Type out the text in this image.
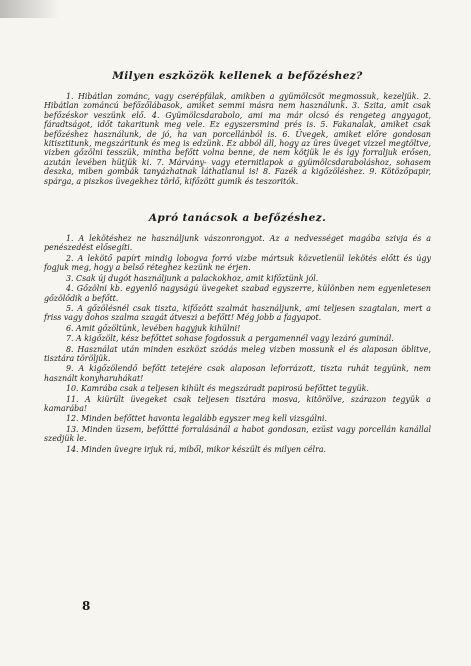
Milyen eszközök kellenek a befőzéshez?

1. Hibátlan zománc, vagy cserépfálak, amikben a gyümölcsöt megmossuk, kezeljük. 2. Hibátlan zománcú befőzőlábasok, amiket semmi másra nem használunk. 3. Szita, amit csak befőzéskor veszünk elő. 4. Gyümölcsdarabolo, ami ma már olcsó és rengeteg angyagot, fáradtságot, időt takaritunk meg vele. Ez egyszersmind prés is. 5. Fakanalak, amiket csak befőzéshez használunk, de jó, ha van porcellánból is. 6. Üvegek, amiket előre gondosan kitisztitunk, megszáritunk és meg is edzünk. Ez abból áll, hogy az üres üveget vizzel megtöltve, vizben gőzölni tesszük, mintha befőtt volna benne, de nem kötjük le és igy forraljuk erősen, azután levében hütjük ki. 7. Márvány- vagy eternitlapok a gyümölcsdaraboláshoz, sohasem deszka, miben gombák tanyázhatnak láthatlanul is! 8. Fazék a kigőzöléshez. 9. Kötözőpapir, spárga, a piszkos üvegekhez törlő, kifőzött gumik és teszoritók.

Apró tanácsok a befőzéshez.
1. A lekötéshez ne használjunk vászonrongyot. Az a nedvességet magába szivja és a penészedést elősegíti.
2. A lekötő papírt mindig lobogva forró vizbe mártsuk közvetlenül lekötés előtt és úgy fogjuk meg, hogy a belső réteghez kezünk ne érjen.
3. Csak új dugót használjunk a palackokhoz, amit kifőztünk jól.
4. Gőzölni kb. egyenlő nagyságú üvegeket szabad egyszerre, különben nem egyenletesen gőzölődik a befőtt.
5. A gőzölésnél csak tiszta, kifőzött szalmát használjunk, ami teljesen szagtalan, mert a friss vagy dohos szalma szagát átveszi a befőtt! Még jobb a fagyapot.
6. Amit gőzöltünk, levében hagyjuk kihülni!
7. A kigőzölt, kész befőttet sohase fogdossuk a pergamennél vagy lezáró guminál.
8. Használat után minden eszközt szódás meleg vizben mossunk el és alaposan öblitve, tisztára töröljük.
9. A kigőzölendő befőtt tetejére csak alaposan leforrázott, tiszta ruhát tegyünk, nem használt konyharuhákat!
10. Kamrába csak a teljesen kihült és megszáradt papirosú befőttet tegyük.
11. A kiürült üvegeket csak teljesen tisztára mosva, kitörölve, szárazon tegyük a kamarába!
12. Minden befőttet havonta legalább egyszer meg kell vizsgálni.
13. Minden üzsem, befőttté forralásánál a habot gondosan, ezüst vagy porcellán kanállal szedjük le.
14. Minden üvegre irjuk rá, miből, mikor készült és milyen célra.
8
